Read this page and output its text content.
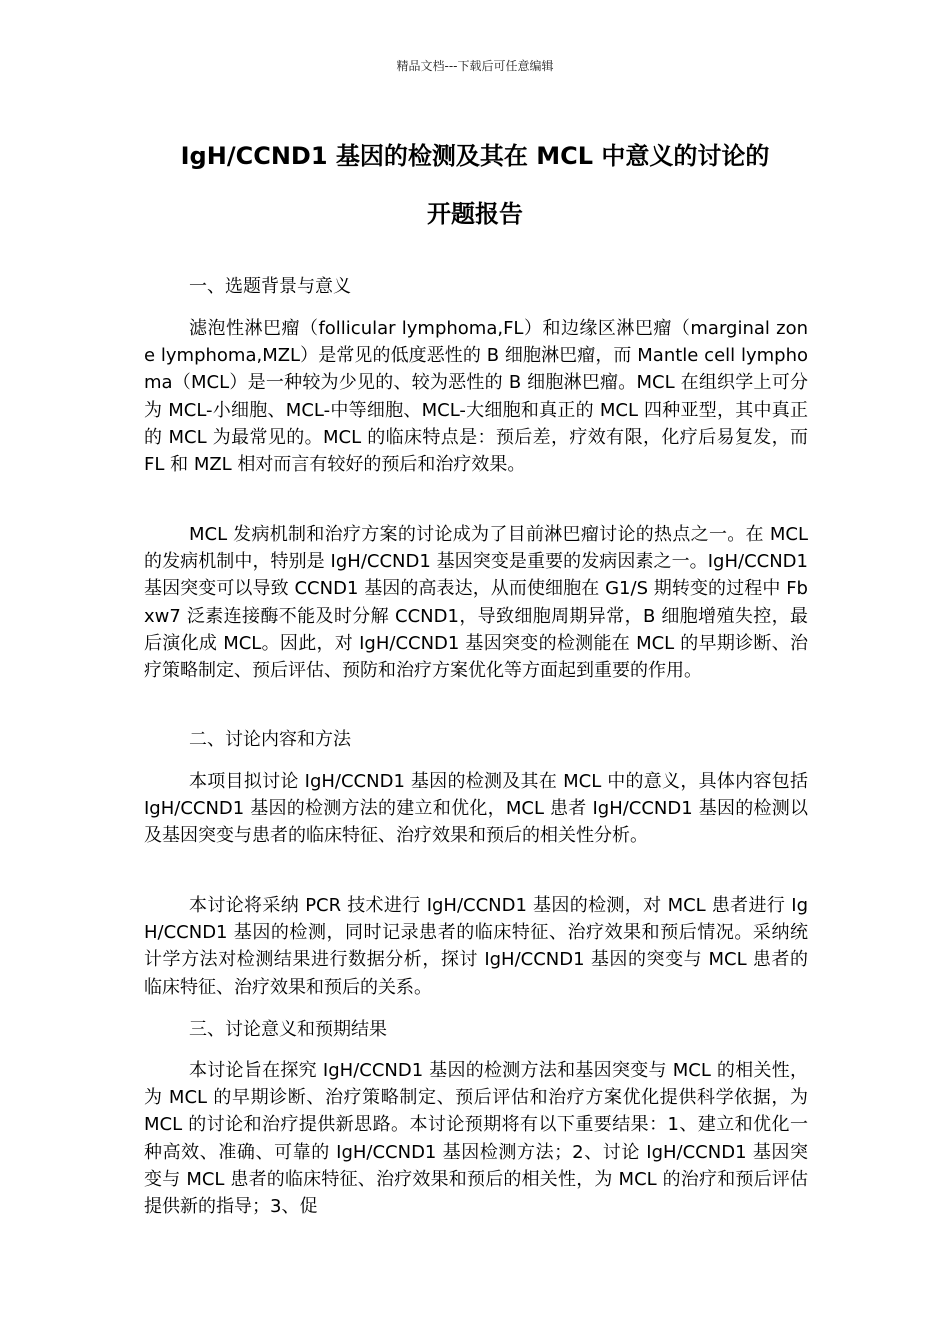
精品文档---下载后可任意编辑
IgH/CCND1 基因的检测及其在 MCL 中意义的讨论的
开题报告

一、选题背景与意义

滤泡性淋巴瘤（follicular lymphoma,FL）和边缘区淋巴瘤（marginal zone lymphoma,MZL）是常见的低度恶性的 B 细胞淋巴瘤，而 Mantle cell lymphoma（MCL）是一种较为少见的、较为恶性的 B 细胞淋巴瘤。MCL 在组织学上可分为 MCL-小细胞、MCL-中等细胞、MCL-大细胞和真正的 MCL 四种亚型，其中真正的 MCL 为最常见的。MCL 的临床特点是：预后差，疗效有限，化疗后易复发，而 FL 和 MZL 相对而言有较好的预后和治疗效果。

MCL 发病机制和治疗方案的讨论成为了目前淋巴瘤讨论的热点之一。在 MCL 的发病机制中，特别是 IgH/CCND1 基因突变是重要的发病因素之一。IgH/CCND1 基因突变可以导致 CCND1 基因的高表达，从而使细胞在 G1/S 期转变的过程中 Fbxw7 泛素连接酶不能及时分解 CCND1，导致细胞周期异常，B 细胞增殖失控，最后演化成 MCL。因此，对 IgH/CCND1 基因突变的检测能在 MCL 的早期诊断、治疗策略制定、预后评估、预防和治疗方案优化等方面起到重要的作用。

二、讨论内容和方法

本项目拟讨论 IgH/CCND1 基因的检测及其在 MCL 中的意义，具体内容包括 IgH/CCND1 基因的检测方法的建立和优化，MCL 患者 IgH/CCND1 基因的检测以及基因突变与患者的临床特征、治疗效果和预后的相关性分析。

本讨论将采纳 PCR 技术进行 IgH/CCND1 基因的检测，对 MCL 患者进行 IgH/CCND1 基因的检测，同时记录患者的临床特征、治疗效果和预后情况。采纳统计学方法对检测结果进行数据分析，探讨 IgH/CCND1 基因的突变与 MCL 患者的临床特征、治疗效果和预后的关系。

三、讨论意义和预期结果

本讨论旨在探究 IgH/CCND1 基因的检测方法和基因突变与 MCL 的相关性，为 MCL 的早期诊断、治疗策略制定、预后评估和治疗方案优化提供科学依据，为 MCL 的讨论和治疗提供新思路。本讨论预期将有以下重要结果：1、建立和优化一种高效、准确、可靠的 IgH/CCND1 基因检测方法；2、讨论 IgH/CCND1 基因突变与 MCL 患者的临床特征、治疗效果和预后的相关性，为 MCL 的治疗和预后评估提供新的指导；3、促
